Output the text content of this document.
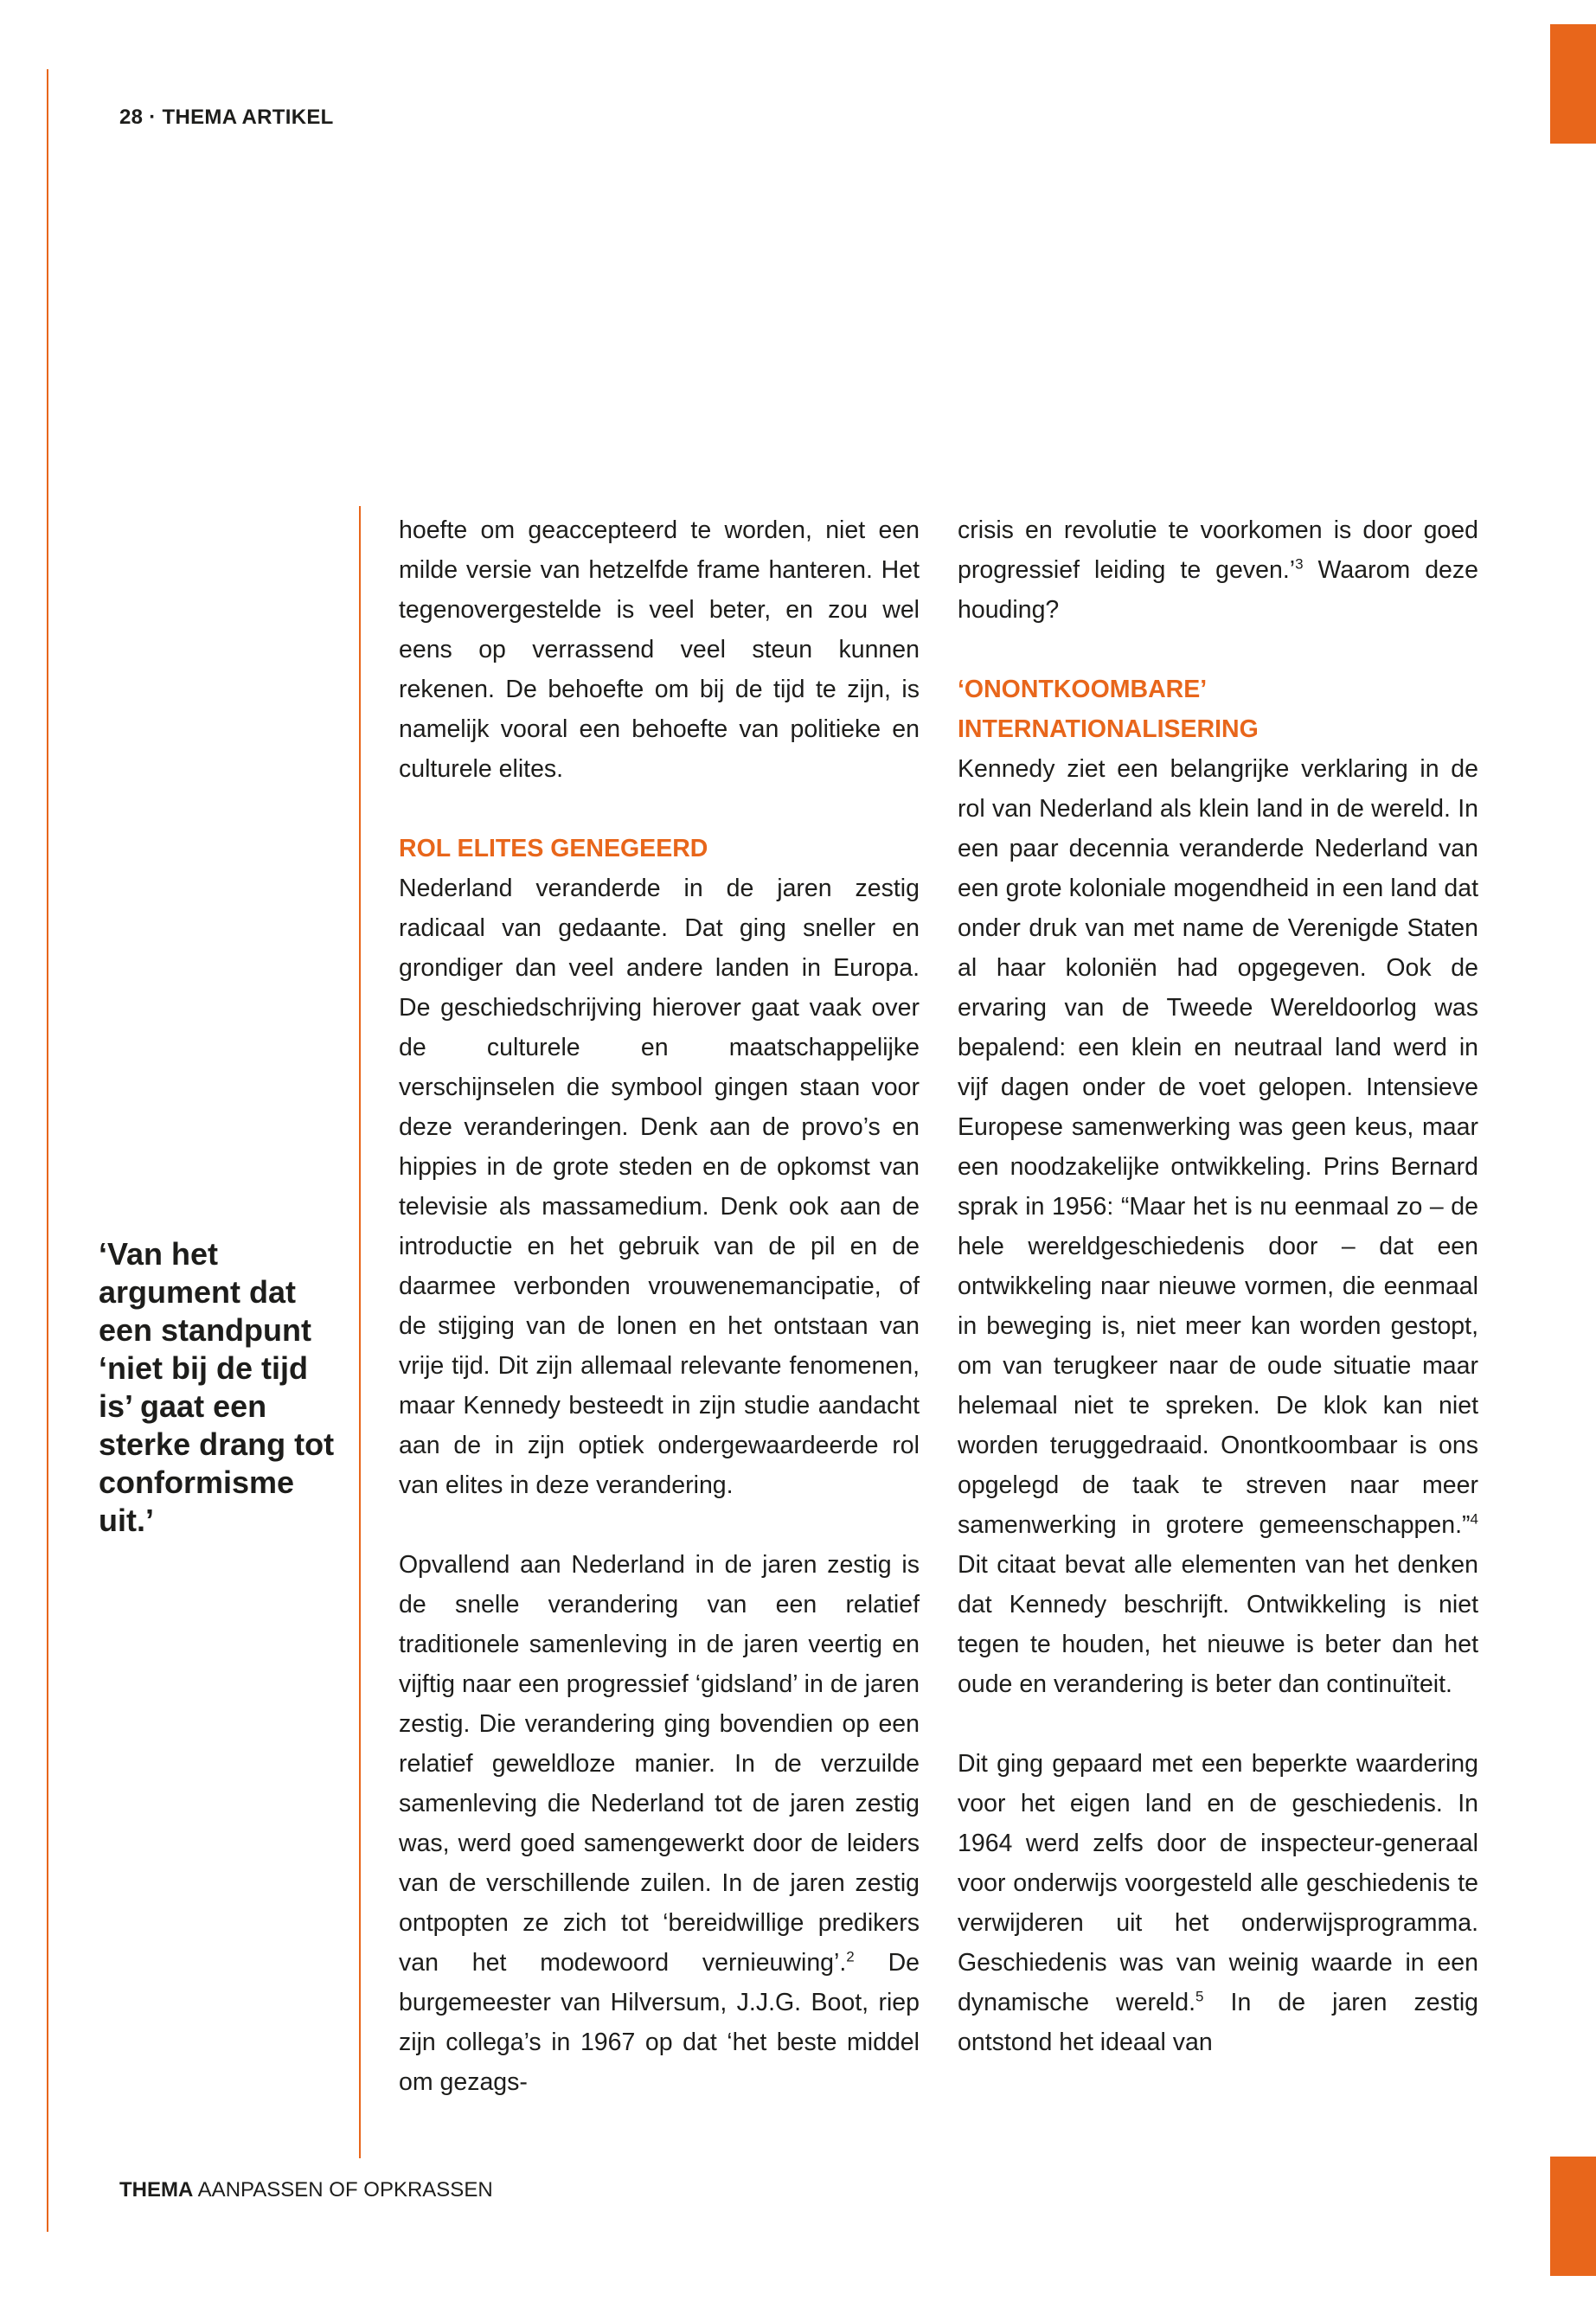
28 · THEMA ARTIKEL
‘Van het argument dat een standpunt ‘niet bij de tijd is’ gaat een sterke drang tot conformisme uit.’

hoefte om geaccepteerd te worden, niet een milde versie van hetzelfde frame hanteren. Het tegenovergestelde is veel beter, en zou wel eens op verrassend veel steun kunnen rekenen. De behoefte om bij de tijd te zijn, is namelijk vooral een behoefte van politieke en culturele elites.

ROL ELITES GENEGEERD

Nederland veranderde in de jaren zestig radicaal van gedaante. Dat ging sneller en grondiger dan veel andere landen in Europa. De geschiedschrijving hierover gaat vaak over de culturele en maatschappelijke verschijnselen die symbool gingen staan voor deze veranderingen. Denk aan de provo’s en hippies in de grote steden en de opkomst van televisie als massamedium. Denk ook aan de introductie en het gebruik van de pil en de daarmee verbonden vrouwenemancipatie, of de stijging van de lonen en het ontstaan van vrije tijd. Dit zijn allemaal relevante fenomenen, maar Kennedy besteedt in zijn studie aandacht aan de in zijn optiek ondergewaardeerde rol van elites in deze verandering.

Opvallend aan Nederland in de jaren zestig is de snelle verandering van een relatief traditionele samenleving in de jaren veertig en vijftig naar een progressief ‘gidsland’ in de jaren zestig. Die verandering ging bovendien op een relatief geweldloze manier. In de verzuilde samenleving die Nederland tot de jaren zestig was, werd goed samengewerkt door de leiders van de verschillende zuilen. In de jaren zestig ontpopten ze zich tot ‘bereidwillige predikers van het modewoord vernieuwing’.$^2$ De burgemeester van Hilversum, J.J.G. Boot, riep zijn collega’s in 1967 op dat ‘het beste middel om gezags-

crisis en revolutie te voorkomen is door goed progressief leiding te geven.’$^3$ Waarom deze houding?

‘ONONTKOOMBARE’ INTERNATIONALISERING

Kennedy ziet een belangrijke verklaring in de rol van Nederland als klein land in de wereld. In een paar decennia veranderde Nederland van een grote koloniale mogendheid in een land dat onder druk van met name de Verenigde Staten al haar koloniën had opgegeven. Ook de ervaring van de Tweede Wereldoorlog was bepalend: een klein en neutraal land werd in vijf dagen onder de voet gelopen. Intensieve Europese samenwerking was geen keus, maar een noodzakelijke ontwikkeling. Prins Bernard sprak in 1956: “Maar het is nu eenmaal zo – de hele wereldgeschiedenis door – dat een ontwikkeling naar nieuwe vormen, die eenmaal in beweging is, niet meer kan worden gestopt, om van terugkeer naar de oude situatie maar helemaal niet te spreken. De klok kan niet worden teruggedraaid. Onontkoombaar is ons opgelegd de taak te streven naar meer samenwerking in grotere gemeenschappen.”$^4$ Dit citaat bevat alle elementen van het denken dat Kennedy beschrijft. Ontwikkeling is niet tegen te houden, het nieuwe is beter dan het oude en verandering is beter dan continuïteit.

Dit ging gepaard met een beperkte waardering voor het eigen land en de geschiedenis. In 1964 werd zelfs door de inspecteur-generaal voor onderwijs voorgesteld alle geschiedenis te verwijderen uit het onderwijsprogramma. Geschiedenis was van weinig waarde in een dynamische wereld.$^5$ In de jaren zestig ontstond het ideaal van

THEMA AANPASSEN OF OPKRASSEN
